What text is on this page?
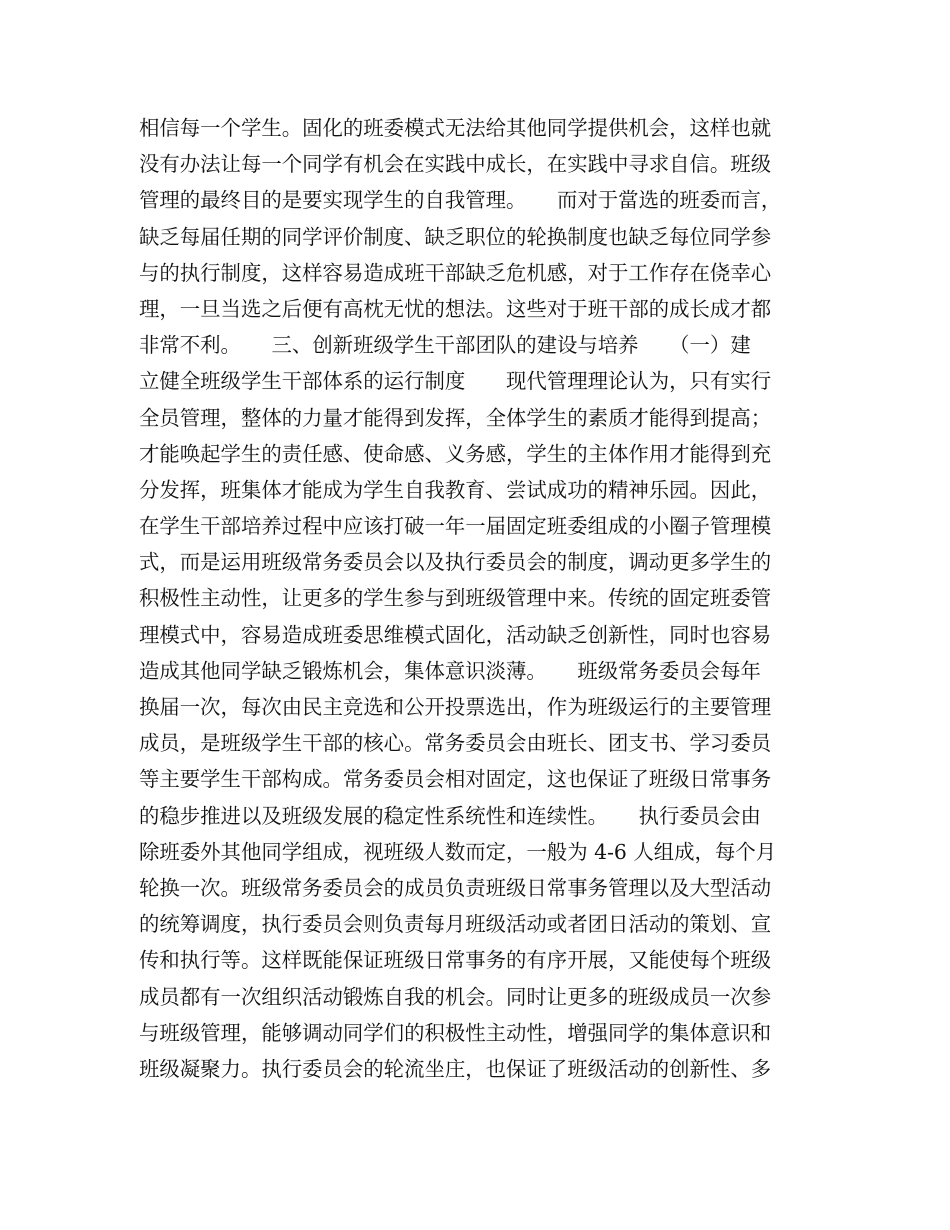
相信每一个学生。固化的班委模式无法给其他同学提供机会，这样也就
没有办法让每一个同学有机会在实践中成长，在实践中寻求自信。班级
管理的最终目的是要实现学生的自我管理。　　而对于當选的班委而言，
缺乏每届任期的同学评价制度、缺乏职位的轮换制度也缺乏每位同学参
与的执行制度，这样容易造成班干部缺乏危机感，对于工作存在侥幸心
理，一旦当选之后便有高枕无忧的想法。这些对于班干部的成长成才都
非常不利。　　三、创新班级学生干部团队的建设与培养　　（一）建
立健全班级学生干部体系的运行制度　　现代管理理论认为，只有实行
全员管理，整体的力量才能得到发挥，全体学生的素质才能得到提高；
才能唤起学生的责任感、使命感、义务感，学生的主体作用才能得到充
分发挥，班集体才能成为学生自我教育、尝试成功的精神乐园。因此，
在学生干部培养过程中应该打破一年一届固定班委组成的小圈子管理模
式，而是运用班级常务委员会以及执行委员会的制度，调动更多学生的
积极性主动性，让更多的学生参与到班级管理中来。传统的固定班委管
理模式中，容易造成班委思维模式固化，活动缺乏创新性，同时也容易
造成其他同学缺乏锻炼机会，集体意识淡薄。　　班级常务委员会每年
换届一次，每次由民主竞选和公开投票选出，作为班级运行的主要管理
成员，是班级学生干部的核心。常务委员会由班长、团支书、学习委员
等主要学生干部构成。常务委员会相对固定，这也保证了班级日常事务
的稳步推进以及班级发展的稳定性系统性和连续性。　　执行委员会由
除班委外其他同学组成，视班级人数而定，一般为 4-6 人组成，每个月
轮换一次。班级常务委员会的成员负责班级日常事务管理以及大型活动
的统筹调度，执行委员会则负责每月班级活动或者团日活动的策划、宣
传和执行等。这样既能保证班级日常事务的有序开展，又能使每个班级
成员都有一次组织活动锻炼自我的机会。同时让更多的班级成员一次参
与班级管理，能够调动同学们的积极性主动性，增强同学的集体意识和
班级凝聚力。执行委员会的轮流坐庄，也保证了班级活动的创新性、多
